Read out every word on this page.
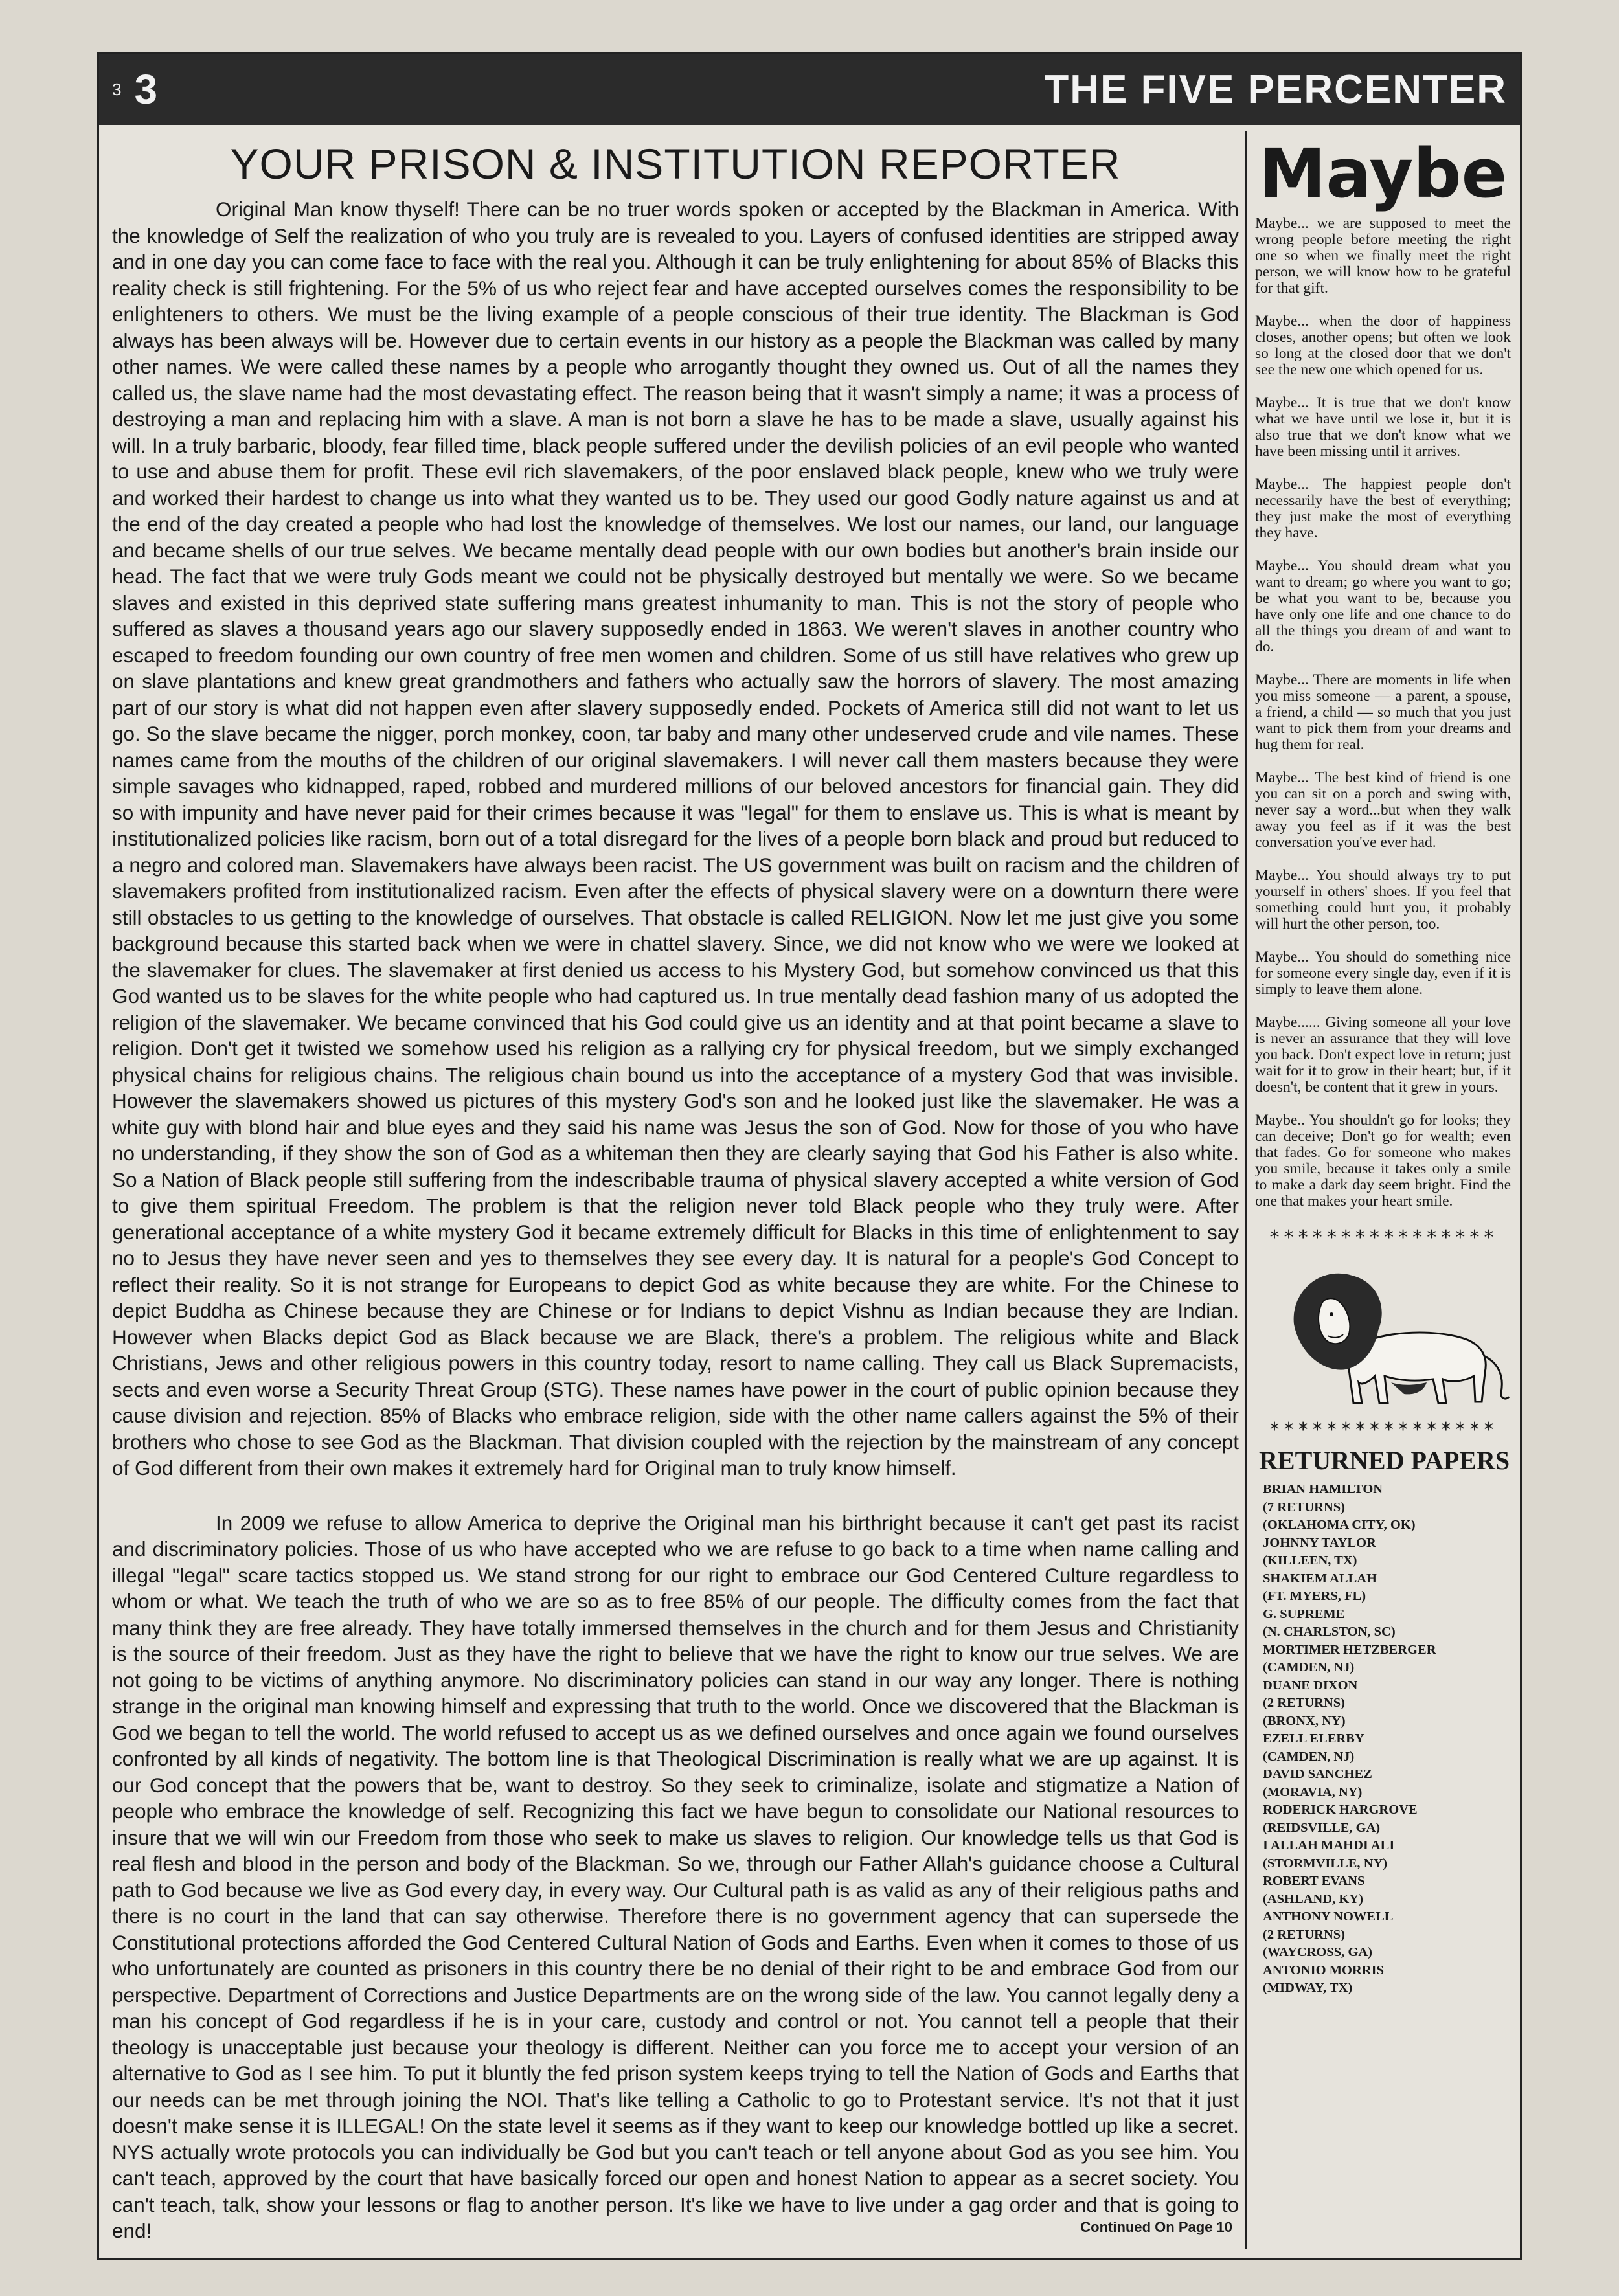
3 3	THE FIVE PERCENTER
YOUR PRISON & INSTITUTION REPORTER

Original Man know thyself! There can be no truer words spoken or accepted by the Blackman in America. With the knowledge of Self the realization of who you truly are is revealed to you. Layers of confused identities are stripped away and in one day you can come face to face with the real you. Although it can be truly enlightening for about 85% of Blacks this reality check is still frightening. For the 5% of us who reject fear and have accepted ourselves comes the responsibility to be enlighteners to others. We must be the living example of a people conscious of their true identity. The Blackman is God always has been always will be. However due to certain events in our history as a people the Blackman was called by many other names. We were called these names by a people who arrogantly thought they owned us. Out of all the names they called us, the slave name had the most devastating effect. The reason being that it wasn't simply a name; it was a process of destroying a man and replacing him with a slave. A man is not born a slave he has to be made a slave, usually against his will. In a truly barbaric, bloody, fear filled time, black people suffered under the devilish policies of an evil people who wanted to use and abuse them for profit. These evil rich slavemakers, of the poor enslaved black people, knew who we truly were and worked their hardest to change us into what they wanted us to be. They used our good Godly nature against us and at the end of the day created a people who had lost the knowledge of themselves. We lost our names, our land, our language and became shells of our true selves. We became mentally dead people with our own bodies but another's brain inside our head. The fact that we were truly Gods meant we could not be physically destroyed but mentally we were. So we became slaves and existed in this deprived state suffering mans greatest inhumanity to man. This is not the story of people who suffered as slaves a thousand years ago our slavery supposedly ended in 1863. We weren't slaves in another country who escaped to freedom founding our own country of free men women and children. Some of us still have relatives who grew up on slave plantations and knew great grandmothers and fathers who actually saw the horrors of slavery. The most amazing part of our story is what did not happen even after slavery supposedly ended. Pockets of America still did not want to let us go. So the slave became the nigger, porch monkey, coon, tar baby and many other undeserved crude and vile names. These names came from the mouths of the children of our original slavemakers. I will never call them masters because they were simple savages who kidnapped, raped, robbed and murdered millions of our beloved ancestors for financial gain. They did so with impunity and have never paid for their crimes because it was "legal" for them to enslave us. This is what is meant by institutionalized policies like racism, born out of a total disregard for the lives of a people born black and proud but reduced to a negro and colored man. Slavemakers have always been racist. The US government was built on racism and the children of slavemakers profited from institutionalized racism. Even after the effects of physical slavery were on a downturn there were still obstacles to us getting to the knowledge of ourselves. That obstacle is called RELIGION. Now let me just give you some background because this started back when we were in chattel slavery. Since, we did not know who we were we looked at the slavemaker for clues. The slavemaker at first denied us access to his Mystery God, but somehow convinced us that this God wanted us to be slaves for the white people who had captured us. In true mentally dead fashion many of us adopted the religion of the slavemaker. We became convinced that his God could give us an identity and at that point became a slave to religion. Don't get it twisted we somehow used his religion as a rallying cry for physical freedom, but we simply exchanged physical chains for religious chains. The religious chain bound us into the acceptance of a mystery God that was invisible. However the slavemakers showed us pictures of this mystery God's son and he looked just like the slavemaker. He was a white guy with blond hair and blue eyes and they said his name was Jesus the son of God. Now for those of you who have no understanding, if they show the son of God as a whiteman then they are clearly saying that God his Father is also white. So a Nation of Black people still suffering from the indescribable trauma of physical slavery accepted a white version of God to give them spiritual Freedom. The problem is that the religion never told Black people who they truly were. After generational acceptance of a white mystery God it became extremely difficult for Blacks in this time of enlightenment to say no to Jesus they have never seen and yes to themselves they see every day. It is natural for a people's God Concept to reflect their reality. So it is not strange for Europeans to depict God as white because they are white. For the Chinese to depict Buddha as Chinese because they are Chinese or for Indians to depict Vishnu as Indian because they are Indian. However when Blacks depict God as Black because we are Black, there's a problem. The religious white and Black Christians, Jews and other religious powers in this country today, resort to name calling. They call us Black Supremacists, sects and even worse a Security Threat Group (STG). These names have power in the court of public opinion because they cause division and rejection. 85% of Blacks who embrace religion, side with the other name callers against the 5% of their brothers who chose to see God as the Blackman. That division coupled with the rejection by the mainstream of any concept of God different from their own makes it extremely hard for Original man to truly know himself.

In 2009 we refuse to allow America to deprive the Original man his birthright because it can't get past its racist and discriminatory policies. Those of us who have accepted who we are refuse to go back to a time when name calling and illegal "legal" scare tactics stopped us. We stand strong for our right to embrace our God Centered Culture regardless to whom or what. We teach the truth of who we are so as to free 85% of our people. The difficulty comes from the fact that many think they are free already. They have totally immersed themselves in the church and for them Jesus and Christianity is the source of their freedom. Just as they have the right to believe that we have the right to know our true selves. We are not going to be victims of anything anymore. No discriminatory policies can stand in our way any longer. There is nothing strange in the original man knowing himself and expressing that truth to the world. Once we discovered that the Blackman is God we began to tell the world. The world refused to accept us as we defined ourselves and once again we found ourselves confronted by all kinds of negativity. The bottom line is that Theological Discrimination is really what we are up against. It is our God concept that the powers that be, want to destroy. So they seek to criminalize, isolate and stigmatize a Nation of people who embrace the knowledge of self. Recognizing this fact we have begun to consolidate our National resources to insure that we will win our Freedom from those who seek to make us slaves to religion. Our knowledge tells us that God is real flesh and blood in the person and body of the Blackman. So we, through our Father Allah's guidance choose a Cultural path to God because we live as God every day, in every way. Our Cultural path is as valid as any of their religious paths and there is no court in the land that can say otherwise. Therefore there is no government agency that can supersede the Constitutional protections afforded the God Centered Cultural Nation of Gods and Earths. Even when it comes to those of us who unfortunately are counted as prisoners in this country there be no denial of their right to be and embrace God from our perspective. Department of Corrections and Justice Departments are on the wrong side of the law. You cannot legally deny a man his concept of God regardless if he is in your care, custody and control or not. You cannot tell a people that their theology is unacceptable just because your theology is different. Neither can you force me to accept your version of an alternative to God as I see him. To put it bluntly the fed prison system keeps trying to tell the Nation of Gods and Earths that our needs can be met through joining the NOI. That's like telling a Catholic to go to Protestant service. It's not that it just doesn't make sense it is ILLEGAL! On the state level it seems as if they want to keep our knowledge bottled up like a secret. NYS actually wrote protocols you can individually be God but you can't teach or tell anyone about God as you see him. You can't teach, approved by the court that have basically forced our open and honest Nation to appear as a secret society. You can't teach, talk, show your lessons or flag to another person. It's like we have to live under a gag order and that is going to end!	Continued On Page 10
Maybe

Maybe... we are supposed to meet the wrong people before meeting the right one so when we finally meet the right person, we will know how to be grateful for that gift.

Maybe... when the door of happiness closes, another opens; but often we look so long at the closed door that we don't see the new one which opened for us.

Maybe... It is true that we don't know what we have until we lose it, but it is also true that we don't know what we have been missing until it arrives.

Maybe... The happiest people don't necessarily have the best of everything; they just make the most of everything they have.

Maybe... You should dream what you want to dream; go where you want to go; be what you want to be, because you have only one life and one chance to do all the things you dream of and want to do.

Maybe... There are moments in life when you miss someone — a parent, a spouse, a friend, a child — so much that you just want to pick them from your dreams and hug them for real.

Maybe... The best kind of friend is one you can sit on a porch and swing with, never say a word...but when they walk away you feel as if it was the best conversation you've ever had.

Maybe... You should always try to put yourself in others' shoes. If you feel that something could hurt you, it probably will hurt the other person, too.

Maybe... You should do something nice for someone every single day, even if it is simply to leave them alone.

Maybe...... Giving someone all your love is never an assurance that they will love you back. Don't expect love in return; just wait for it to grow in their heart; but, if it doesn't, be content that it grew in yours.

Maybe.. You shouldn't go for looks; they can deceive; Don't go for wealth; even that fades. Go for someone who makes you smile, because it takes only a smile to make a dark day seem bright. Find the one that makes your heart smile.

****************
****************
RETURNED PAPERS
BRIAN HAMILTON
(7 RETURNS)
(OKLAHOMA CITY, OK)
JOHNNY TAYLOR
(KILLEEN, TX)
SHAKIEM ALLAH
(FT. MYERS, FL)
G. SUPREME
(N. CHARLSTON, SC)
MORTIMER HETZBERGER
(CAMDEN, NJ)
DUANE DIXON
(2 RETURNS)
(BRONX, NY)
EZELL ELERBY
(CAMDEN, NJ)
DAVID SANCHEZ
(MORAVIA, NY)
RODERICK HARGROVE
(REIDSVILLE, GA)
I ALLAH MAHDI ALI
(STORMVILLE, NY)
ROBERT EVANS
(ASHLAND, KY)
ANTHONY NOWELL
(2 RETURNS)
(WAYCROSS, GA)
ANTONIO MORRIS
(MIDWAY, TX)
